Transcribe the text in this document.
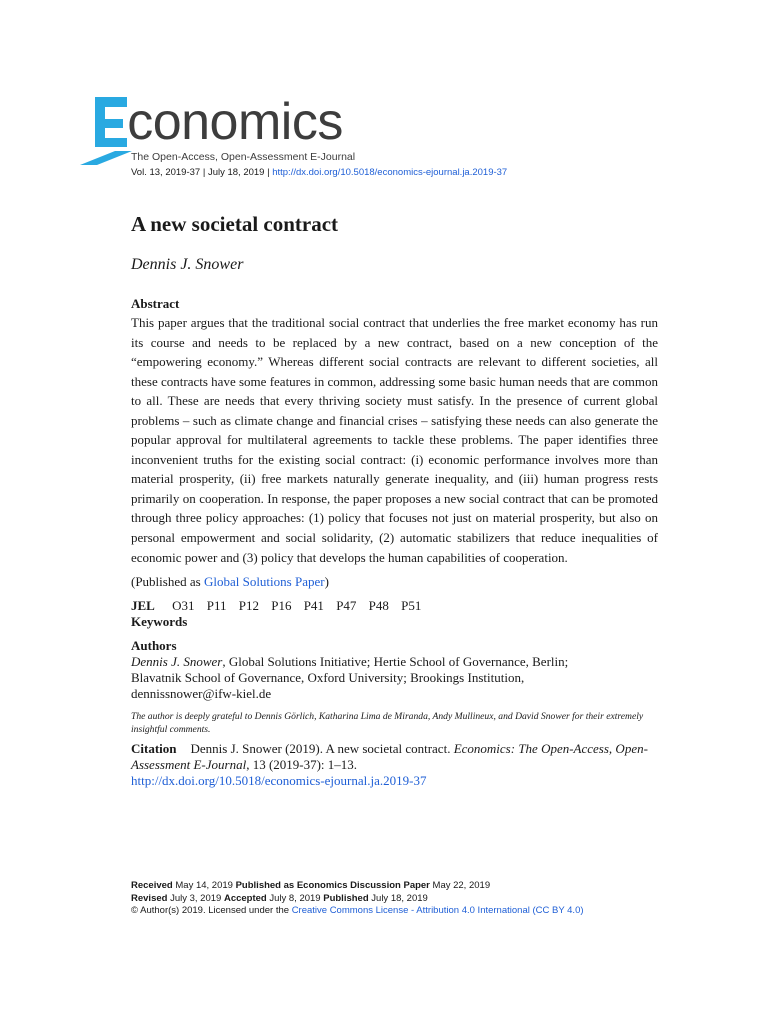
conomics
The Open-Access, Open-Assessment E-Journal
Vol. 13, 2019-37 | July 18, 2019 | http://dx.doi.org/10.5018/economics-ejournal.ja.2019-37
A new societal contract
Dennis J. Snower
Abstract

This paper argues that the traditional social contract that underlies the free market economy has run its course and needs to be replaced by a new contract, based on a new conception of the “empowering economy.” Whereas different social contracts are relevant to different societies, all these contracts have some features in common, addressing some basic human needs that are common to all. These are needs that every thriving society must satisfy. In the presence of current global problems – such as climate change and financial crises – satisfying these needs can also generate the popular approval for multilateral agreements to tackle these problems. The paper identifies three inconvenient truths for the existing social contract: (i) economic performance involves more than material prosperity, (ii) free markets naturally generate inequality, and (iii) human progress rests primarily on cooperation. In response, the paper proposes a new social contract that can be promoted through three policy approaches: (1) policy that focuses not just on material prosperity, but also on personal empowerment and social solidarity, (2) automatic stabilizers that reduce inequalities of economic power and (3) policy that develops the human capabilities of cooperation.

(Published as Global Solutions Paper)
JEL O31 P11 P12 P16 P41 P47 P48 P51
Keywords
Authors
Dennis J. Snower, Global Solutions Initiative; Hertie School of Governance, Berlin;
Blavatnik School of Governance, Oxford University; Brookings Institution,
dennissnower@ifw-kiel.de
The author is deeply grateful to Dennis Görlich, Katharina Lima de Miranda, Andy Mullineux, and David Snower for their extremely insightful comments.
Citation Dennis J. Snower (2019). A new societal contract. Economics: The Open-Access, Open-Assessment E-Journal, 13 (2019-37): 1–13.
http://dx.doi.org/10.5018/economics-ejournal.ja.2019-37
Received May 14, 2019 Published as Economics Discussion Paper May 22, 2019
Revised July 3, 2019 Accepted July 8, 2019 Published July 18, 2019
© Author(s) 2019. Licensed under the Creative Commons License - Attribution 4.0 International (CC BY 4.0)
